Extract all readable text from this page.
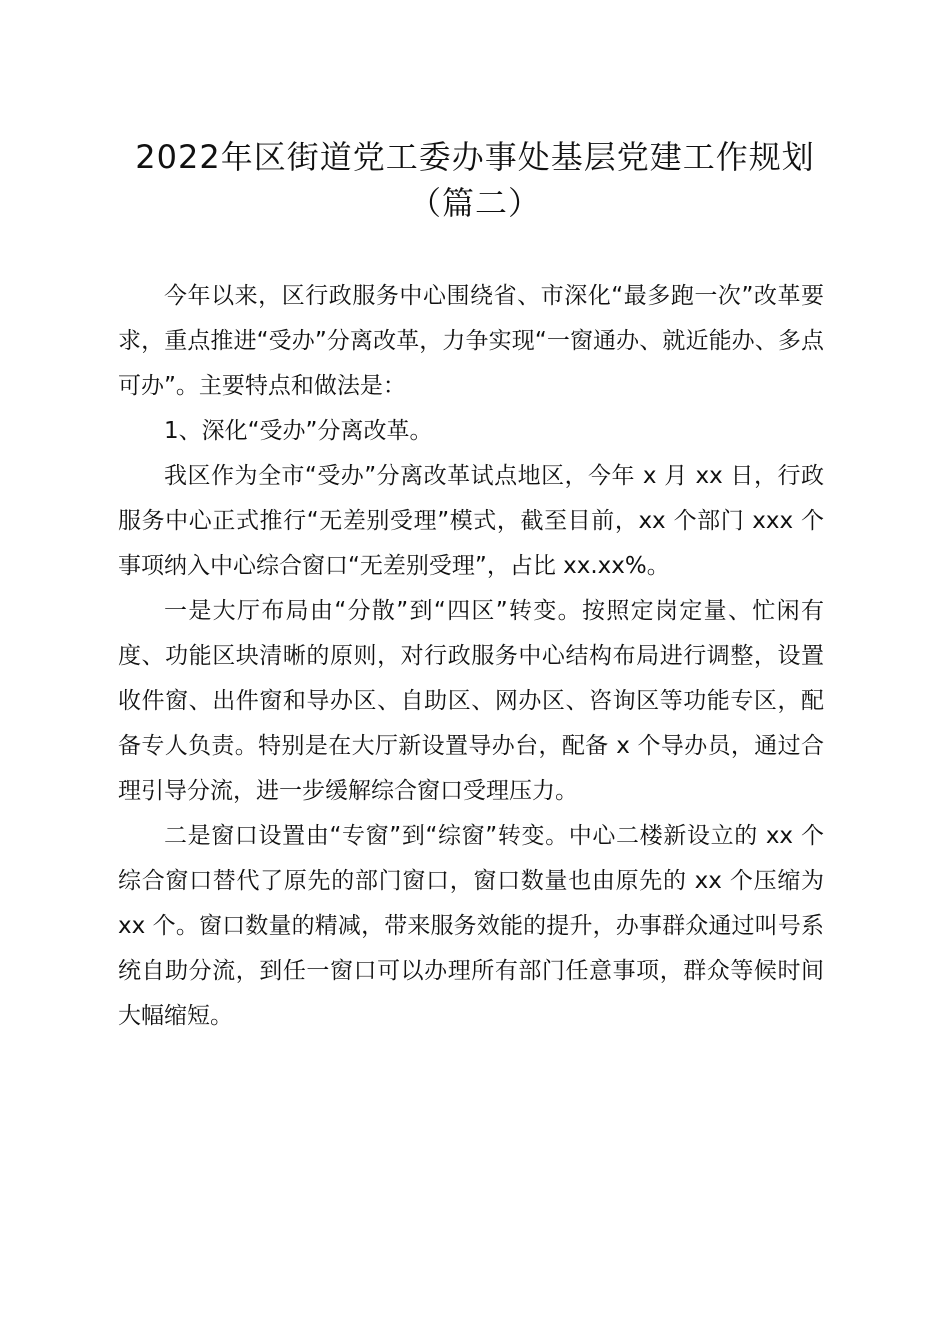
2022年区街道党工委办事处基层党建工作规划（篇二）

今年以来，区行政服务中心围绕省、市深化“最多跑一次”改革要求，重点推进“受办”分离改革，力争实现“一窗通办、就近能办、多点可办”。主要特点和做法是：

1、深化“受办”分离改革。

我区作为全市“受办”分离改革试点地区，今年 x 月 xx 日，行政服务中心正式推行“无差别受理”模式，截至目前，xx 个部门 xxx 个事项纳入中心综合窗口“无差别受理”，占比 xx.xx%。

一是大厅布局由“分散”到“四区”转变。按照定岗定量、忙闲有度、功能区块清晰的原则，对行政服务中心结构布局进行调整，设置收件窗、出件窗和导办区、自助区、网办区、咨询区等功能专区，配备专人负责。特别是在大厅新设置导办台，配备 x 个导办员，通过合理引导分流，进一步缓解综合窗口受理压力。

二是窗口设置由“专窗”到“综窗”转变。中心二楼新设立的 xx 个综合窗口替代了原先的部门窗口，窗口数量也由原先的 xx 个压缩为 xx 个。窗口数量的精减，带来服务效能的提升，办事群众通过叫号系统自助分流，到任一窗口可以办理所有部门任意事项，群众等候时间大幅缩短。
